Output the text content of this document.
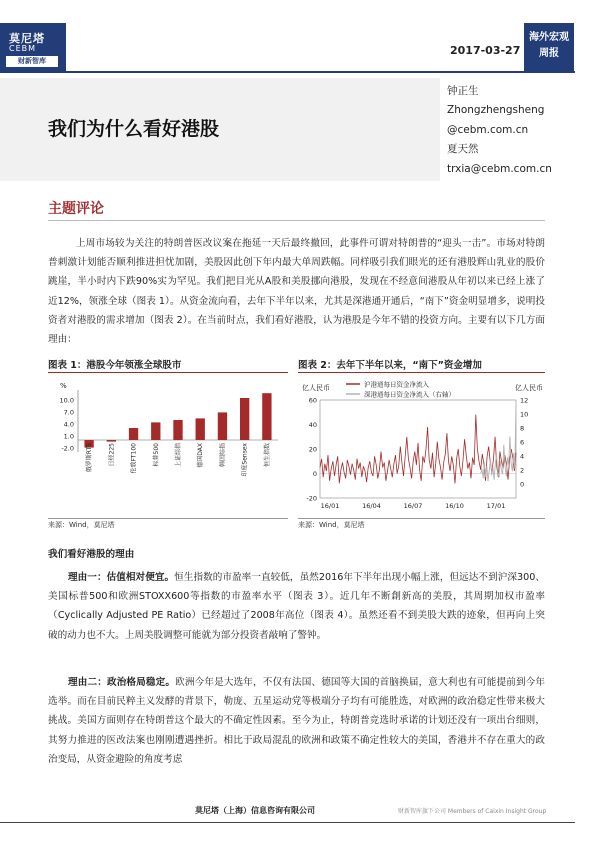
莫尼塔
CEBM
财新智库
2017-03-27
海外宏观
周报
我们为什么看好港股
钟正生
Zhongzhengsheng
@cebm.com.cn
夏天然
trxia@cebm.com.cn
主题评论

上周市场较为关注的特朗普医改议案在拖延一天后最终撤回，此事件可谓对特朗普的“迎头一击”。市场对特朗普刺激计划能否顺利推进担忧加剧，美股因此创下年内最大单周跌幅。同样吸引我们眼光的还有港股辉山乳业的股价跳崖，半小时内下跌90%实为罕见。我们把目光从A股和美股挪向港股，发现在不经意间港股从年初以来已经上涨了近12%，领涨全球（图表 1）。从资金流向看，去年下半年以来，尤其是深港通开通后，“南下”资金明显增多，说明投资者对港股的需求增加（图表 2）。在当前时点，我们看好港股，认为港股是今年不错的投资方向。主要有以下几方面理由：

图表 1：港股今年领涨全球股市	图表 2：去年下半年以来，“南下”资金增加
%
-2.0
1.0
4.0
7.0
10.0
俄罗斯RTS	日经225	伦敦FT100	标普500	上证综指	德国DAX	韩国综指	印度Sensex	恒生指数
亿人民币	亿人民币
-20
0
20
40
60
0
2
4
6
8
10
12
16/01	16/04	16/07	16/10	17/01
沪港通每日资金净流入
深港通每日资金净流入（右轴）
来源：Wind，莫尼塔	来源：Wind，莫尼塔
我们看好港股的理由

理由一：估值相对便宜。恒生指数的市盈率一直较低，虽然2016年下半年出现小幅上涨，但远达不到沪深300、美国标普500和欧洲STOXX600等指数的市盈率水平（图表 3）。近几年不断創新高的美股，其周期加权市盈率（Cyclically Adjusted PE Ratio）已经超过了2008年高位（图表 4）。虽然还看不到美股大跌的迹象，但再向上突破的动力也不大。上周美股调整可能就为部分投资者敲响了警钟。

理由二：政治格局稳定。欧洲今年是大选年，不仅有法国、德国等大国的首脑换届，意大利也有可能提前到今年选举。而在目前民粹主义发酵的背景下，勒庞、五星运动党等极端分子均有可能胜选，对欧洲的政治稳定性带来极大挑战。美国方面则存在特朗普这个最大的不确定性因素。至今为止，特朗普竞选时承诺的计划还没有一项出台细则，其努力推进的医改法案也刚刚遭遇挫折。相比于政局混乱的欧洲和政策不确定性较大的美国，香港并不存在重大的政治变局，从资金避险的角度考虑

莫尼塔（上海）信息咨询有限公司	财新智库旗下公司 Members of Caixin Insight Group
